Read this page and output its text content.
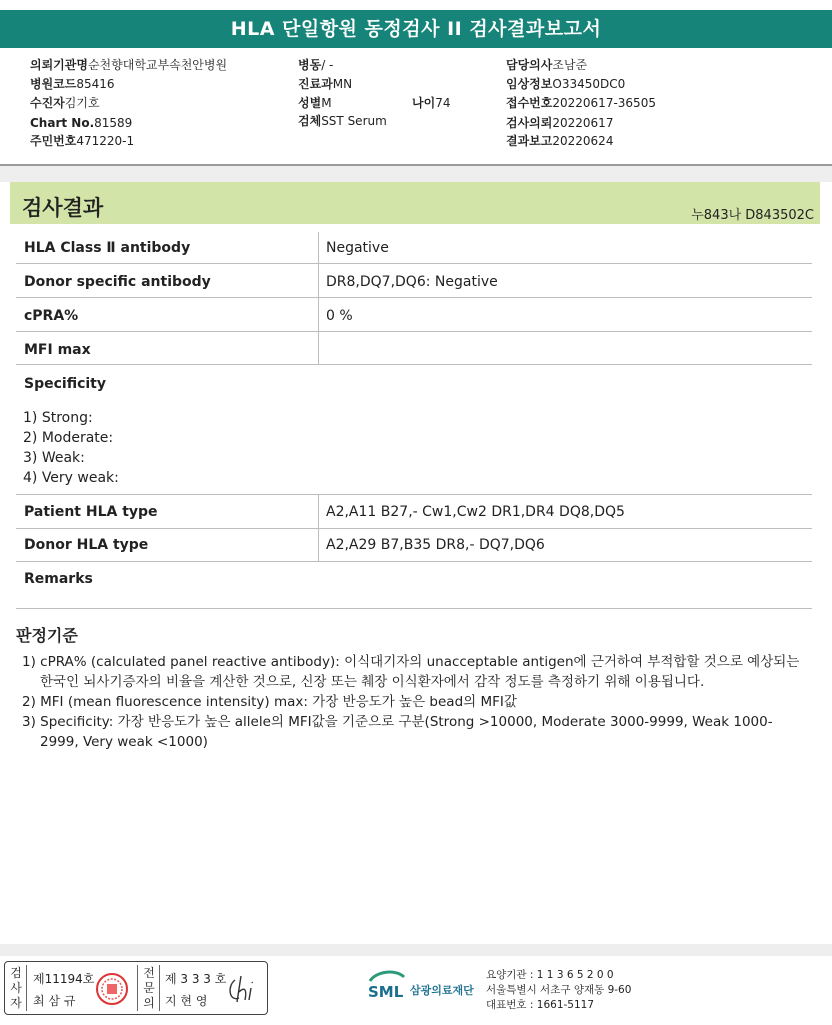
HLA 단일항원 동정검사 II 검사결과보고서
의뢰기관명순천향대학교부속천안병원
병원코드85416
수진자김기호
Chart No.81589
주민번호471220-1
병동/ -
진료과MN
성별M	나이74
검체SST Serum
담당의사조남준
임상정보O33450DC0
접수번호20220617-36505
검사의뢰20220617
결과보고20220624
검사결과	누843나 D843502C
HLA Class Ⅱ antibody	Negative
Donor specific antibody	DR8,DQ7,DQ6: Negative
cPRA%	0 %
MFI max
Specificity
1) Strong:
2) Moderate:
3) Weak:
4) Very weak:
Patient HLA type	A2,A11 B27,- Cw1,Cw2 DR1,DR4 DQ8,DQ5
Donor HLA type	A2,A29 B7,B35 DR8,- DQ7,DQ6
Remarks
판정기준
1) cPRA% (calculated panel reactive antibody): 이식대기자의 unacceptable antigen에 근거하여 부적합할 것으로 예상되는 한국인 뇌사기증자의 비율을 계산한 것으로, 신장 또는 췌장 이식환자에서 감작 정도를 측정하기 위해 이용됩니다.
2) MFI (mean fluorescence intensity) max: 가장 반응도가 높은 bead의 MFI값
3) Specificity: 가장 반응도가 높은 allele의 MFI값을 기준으로 구분(Strong >10000, Moderate 3000-9999, Weak 1000-2999, Very weak <1000)
검사자
제11194호
최 삼 규
전문의
제 3 3 3 호
지 현 영	SML 삼광의료재단
요양기관 : 1 1 3 6 5 2 0 0
서울특별시 서초구 양재동 9-60
대표번호 : 1661-5117
